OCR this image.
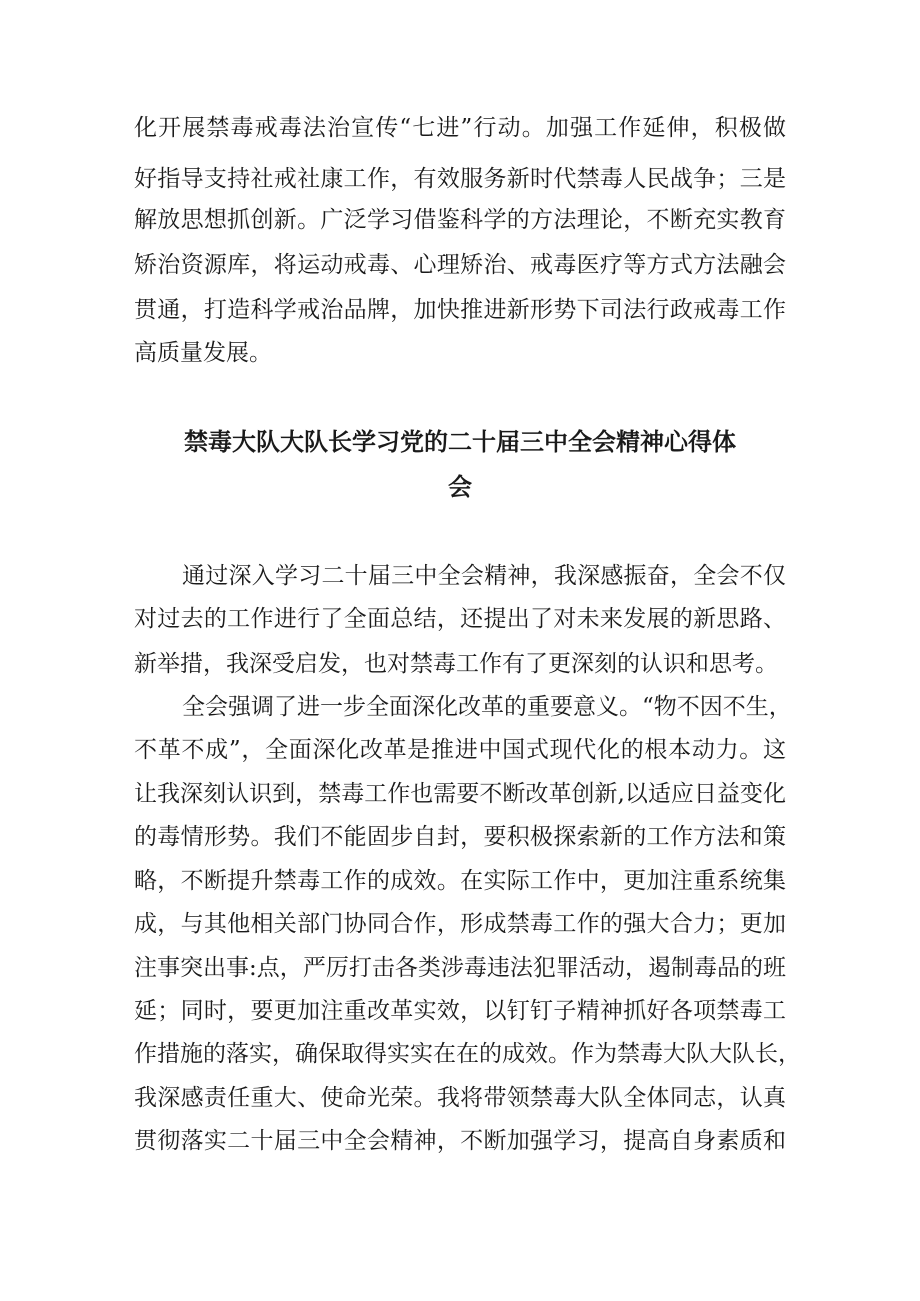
化开展禁毒戒毒法治宣传“七进”行动。加强工作延伸，积极做
好指导支持社戒社康工作，有效服务新时代禁毒人民战争；三是
解放思想抓创新。广泛学习借鉴科学的方法理论，不断充实教育
矫治资源库，将运动戒毒、心理矫治、戒毒医疗等方式方法融会
贯通，打造科学戒治品牌，加快推进新形势下司法行政戒毒工作
高质量发展。
禁毒大队大队长学习党的二十届三中全会精神心得体
会
通过深入学习二十届三中全会精神，我深感振奋，全会不仅
对过去的工作进行了全面总结，还提出了对未来发展的新思路、
新举措，我深受启发，也对禁毒工作有了更深刻的认识和思考。
全会强调了进一步全面深化改革的重要意义。“物不因不生，
不革不成”，全面深化改革是推进中国式现代化的根本动力。这
让我深刻认识到，禁毒工作也需要不断改革创新,以适应日益变化
的毒情形势。我们不能固步自封，要积极探索新的工作方法和策
略，不断提升禁毒工作的成效。在实际工作中，更加注重系统集
成，与其他相关部门协同合作，形成禁毒工作的强大合力；更加
注事突出事:点，严厉打击各类涉毒违法犯罪活动，遏制毒品的班
延；同时，要更加注重改革实效，以钉钉子精神抓好各项禁毒工
作措施的落实，确保取得实实在在的成效。作为禁毒大队大队长，
我深感责任重大、使命光荣。我将带领禁毒大队全体同志，认真
贯彻落实二十届三中全会精神，不断加强学习，提高自身素质和
